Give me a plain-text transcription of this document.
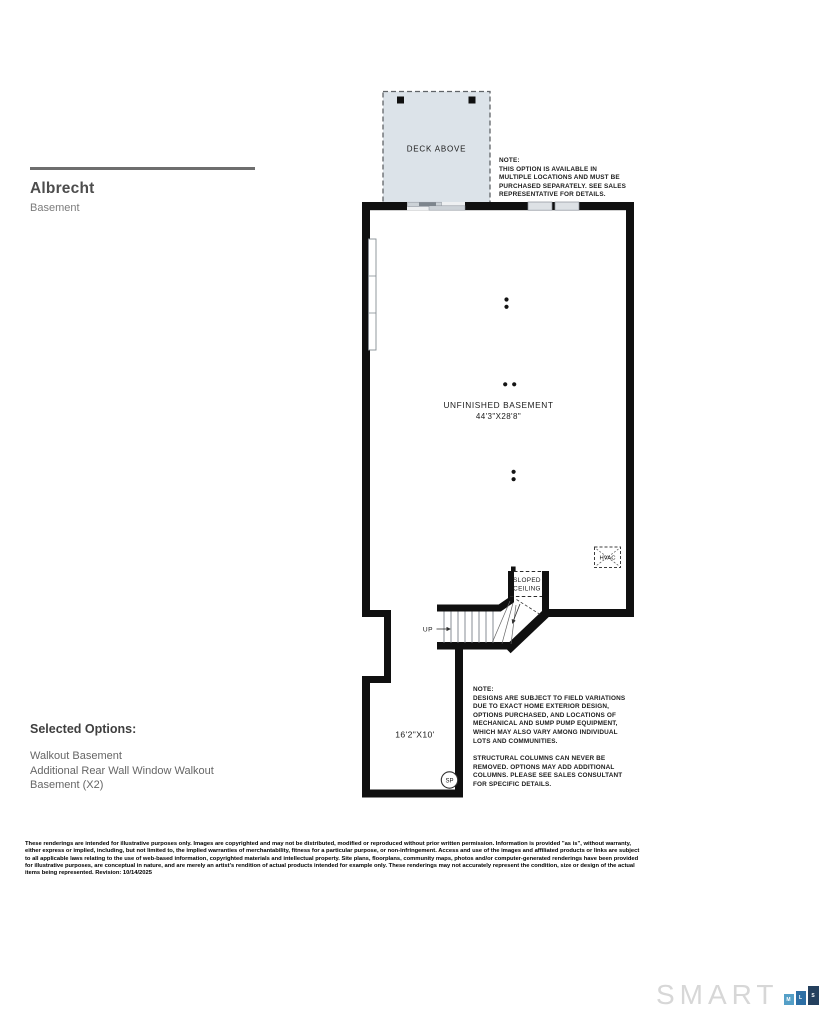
DECK ABOVE
UP
SLOPED
CEILING
HVAC
UNFINISHED BASEMENT
44'3"X28'8"
16'2"X10'
SP
Albrecht
Basement
NOTE:
THIS OPTION IS AVAILABLE IN
MULTIPLE LOCATIONS AND MUST BE
PURCHASED SEPARATELY. SEE SALES
REPRESENTATIVE FOR DETAILS.
NOTE:
DESIGNS ARE SUBJECT TO FIELD VARIATIONS
DUE TO EXACT HOME EXTERIOR DESIGN,
OPTIONS PURCHASED, AND LOCATIONS OF
MECHANICAL AND SUMP PUMP EQUIPMENT,
WHICH MAY ALSO VARY AMONG INDIVIDUAL
LOTS AND COMMUNITIES.
STRUCTURAL COLUMNS CAN NEVER BE
REMOVED. OPTIONS MAY ADD ADDITIONAL
COLUMNS. PLEASE SEE SALES CONSULTANT
FOR SPECIFIC DETAILS.
Selected Options:
Walkout Basement
Additional Rear Wall Window Walkout
Basement (X2)
These renderings are intended for illustrative purposes only. Images are copyrighted and may not be distributed, modified or reproduced without prior written permission. Information is provided "as is", without warranty, either express or implied, including, but not limited to, the implied warranties of merchantability, fitness for a particular purpose, or non-infringement. Access and use of the images and affiliated products or links are subject to all applicable laws relating to the use of web-based information, copyrighted materials and intellectual property. Site plans, floorplans, community maps, photos and/or computer-generated renderings have been provided for illustrative purposes, are conceptual in nature, and are merely an artist's rendition of actual products intended for example only. These renderings may not accurately represent the condition, size or design of the actual items being represented. Revision: 10/14/2025
SMART	M	L	S
